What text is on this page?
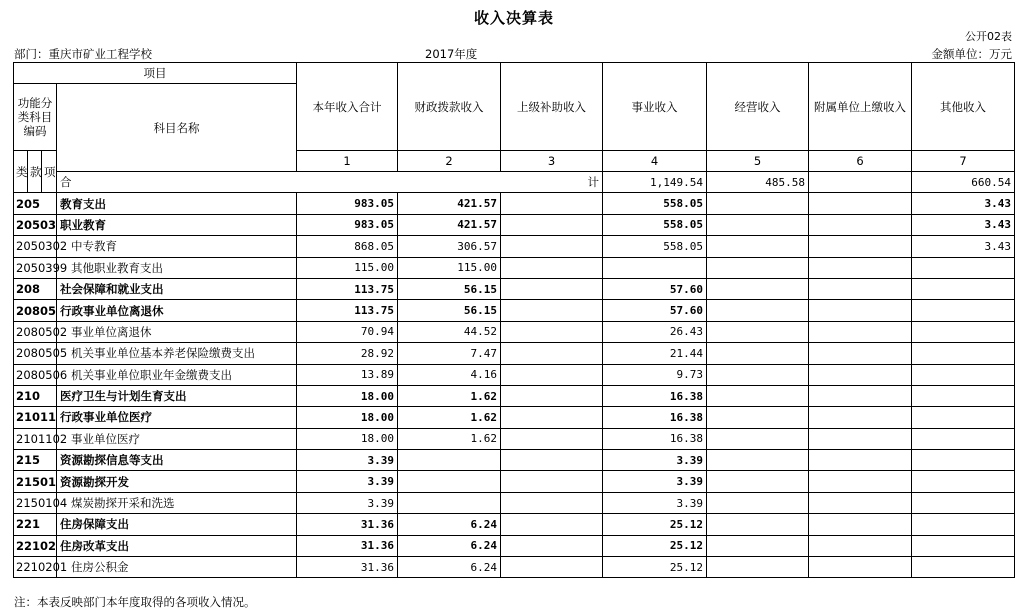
收入决算表
公开02表
部门：重庆市矿业工程学校	2017年度	金额单位：万元
项目				本年收入合计	财政拨款收入	上级补助收入	事业收入	经营收入	附属单位上缴收入	其他收入	
功能分类科目编码			科目名称								
类	款	项		1	2	3	4	5	6	7	

			合 计				1,149.54	485.58		660.54			
205			教育支出	983.05	421.57		558.05			3.43	
20503			职业教育	983.05	421.57		558.05			3.43	
2050302			中专教育	868.05	306.57		558.05			3.43	
2050399			其他职业教育支出	115.00	115.00						
208			社会保障和就业支出	113.75	56.15		57.60				
20805			行政事业单位离退休	113.75	56.15		57.60				
2080502			事业单位离退休	70.94	44.52		26.43				
2080505			机关事业单位基本养老保险缴费支出	28.92	7.47		21.44				
2080506			机关事业单位职业年金缴费支出	13.89	4.16		9.73				
210			医疗卫生与计划生育支出	18.00	1.62		16.38				
21011			行政事业单位医疗	18.00	1.62		16.38				
2101102			事业单位医疗	18.00	1.62		16.38				
215			资源勘探信息等支出	3.39			3.39				
21501			资源勘探开发	3.39			3.39				
2150104			煤炭勘探开采和洗选	3.39			3.39				
221			住房保障支出	31.36	6.24		25.12				
22102			住房改革支出	31.36	6.24		25.12				
2210201			住房公积金	31.36	6.24		25.12				
注：本表反映部门本年度取得的各项收入情况。
